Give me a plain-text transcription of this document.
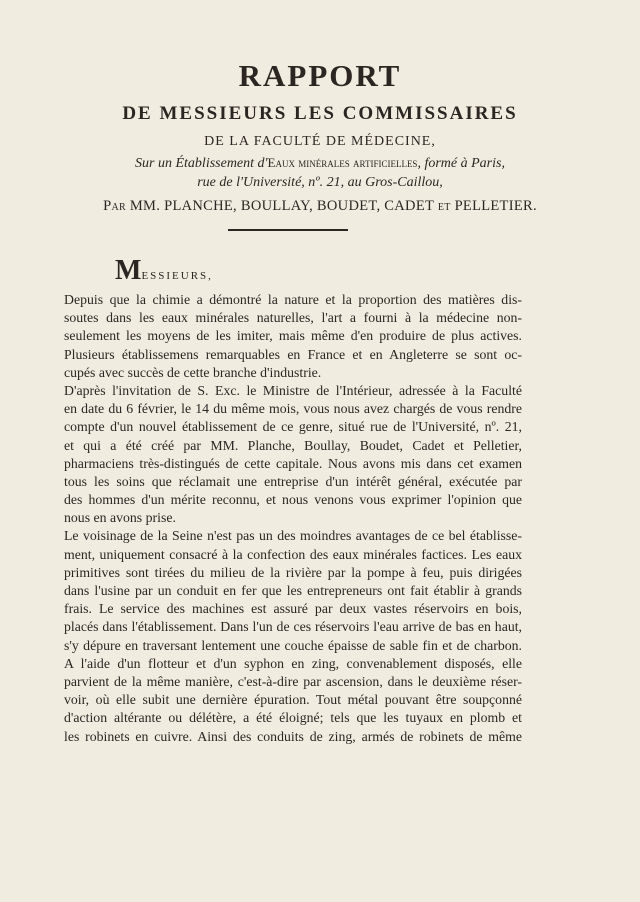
RAPPORT
DE MESSIEURS LES COMMISSAIRES
DE LA FACULTÉ DE MÉDECINE,
Sur un Établissement d'Eaux minérales artificielles, formé à Paris,
rue de l'Université, nº. 21, au Gros-Caillou,
Par MM. PLANCHE, BOULLAY, BOUDET, CADET et PELLETIER.
MESSIEURS,
Depuis que la chimie a démontré la nature et la proportion des matières dis-
soutes dans les eaux minérales naturelles, l'art a fourni à la médecine non-
seulement les moyens de les imiter, mais même d'en produire de plus actives.
Plusieurs établissemens remarquables en France et en Angleterre se sont oc-
cupés avec succès de cette branche d'industrie.
D'après l'invitation de S. Exc. le Ministre de l'Intérieur, adressée à la Faculté
en date du 6 février, le 14 du même mois, vous nous avez chargés de vous rendre
compte d'un nouvel établissement de ce genre, situé rue de l'Université, nº. 21,
et qui a été créé par MM. Planche, Boullay, Boudet, Cadet et Pelletier,
pharmaciens très-distingués de cette capitale. Nous avons mis dans cet examen
tous les soins que réclamait une entreprise d'un intérêt général, exécutée par
des hommes d'un mérite reconnu, et nous venons vous exprimer l'opinion que
nous en avons prise.
Le voisinage de la Seine n'est pas un des moindres avantages de ce bel établisse-
ment, uniquement consacré à la confection des eaux minérales factices. Les eaux
primitives sont tirées du milieu de la rivière par la pompe à feu, puis dirigées
dans l'usine par un conduit en fer que les entrepreneurs ont fait établir à grands
frais. Le service des machines est assuré par deux vastes réservoirs en bois,
placés dans l'établissement. Dans l'un de ces réservoirs l'eau arrive de bas en haut,
s'y dépure en traversant lentement une couche épaisse de sable fin et de charbon.
A l'aide d'un flotteur et d'un syphon en zing, convenablement disposés, elle
parvient de la même manière, c'est-à-dire par ascension, dans le deuxième réser-
voir, où elle subit une dernière épuration. Tout métal pouvant être soupçonné
d'action altérante ou délétère, a été éloigné; tels que les tuyaux en plomb et
les robinets en cuivre. Ainsi des conduits de zing, armés de robinets de même
